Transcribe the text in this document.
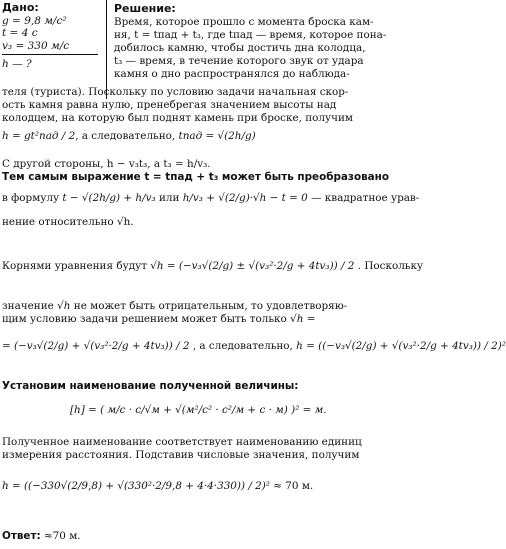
Дано:
g = 9,8 м/с²
t = 4 с
v₃ = 330 м/с
h — ?
Решение:
Время, которое прошло с момента броска кам-
ня, t = tпад + t₃, где tпад — время, которое пона-
добилось камню, чтобы достичь дна колодца,
t₃ — время, в течение которого звук от удара
камня о дно распространялся до наблюда-
теля (туриста). Поскольку по условию задачи начальная скор-
ость камня равна нулю, пренебрегая значением высоты над
колодцем, на которую был поднят камень при броске, получим
h = gt²пад / 2, а следовательно, tпад = √(2h/g)
С другой стороны, h − v₃t₃, а t₃ = h/v₃.
Тем самым выражение t = tпад + t₃ может быть преобразовано
в формулу t − √(2h/g) + h/v₃ или h/v₃ + √(2/g)·√h − t = 0 — квадратное урав-
нение относительно √h.
Корнями уравнения будут √h = (−v₃√(2/g) ± √(v₃²·2/g + 4tv₃)) / 2 . Поскольку
значение √h не может быть отрицательным, то удовлетворяю-
щим условию задачи решением может быть только √h =
= (−v₃√(2/g) + √(v₃²·2/g + 4tv₃)) / 2 , а следовательно, h = ((−v₃√(2/g) + √(v₃²·2/g + 4tv₃)) / 2)²
Установим наименование полученной величины:
[h] = ( м/с · с/√м + √(м²/с² · с²/м + с · м) )² = м.
Полученное наименование соответствует наименованию единиц
измерения расстояния. Подставив числовые значения, получим
h = ((−330√(2/9,8) + √(330²·2/9,8 + 4·4·330)) / 2)² ≈ 70 м.
Ответ: ≈70 м.
